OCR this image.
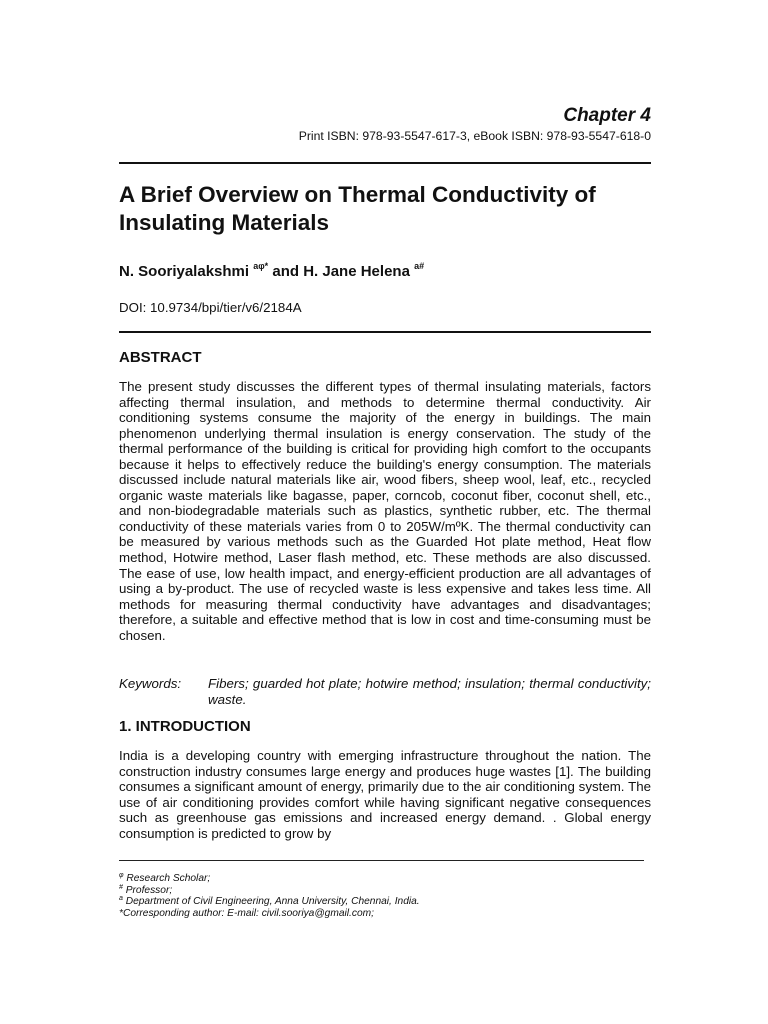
Chapter 4
Print ISBN: 978-93-5547-617-3, eBook ISBN: 978-93-5547-618-0
A Brief Overview on Thermal Conductivity of Insulating Materials
N. Sooriyalakshmi $^{a\varphi*}$ and H. Jane Helena $^{a\#}$
DOI: 10.9734/bpi/tier/v6/2184A
ABSTRACT

The present study discusses the different types of thermal insulating materials, factors affecting thermal insulation, and methods to determine thermal conductivity. Air conditioning systems consume the majority of the energy in buildings. The main phenomenon underlying thermal insulation is energy conservation. The study of the thermal performance of the building is critical for providing high comfort to the occupants because it helps to effectively reduce the building's energy consumption. The materials discussed include natural materials like air, wood fibers, sheep wool, leaf, etc., recycled organic waste materials like bagasse, paper, corncob, coconut fiber, coconut shell, etc., and non-biodegradable materials such as plastics, synthetic rubber, etc. The thermal conductivity of these materials varies from 0 to 205W/mºK. The thermal conductivity can be measured by various methods such as the Guarded Hot plate method, Heat flow method, Hotwire method, Laser flash method, etc. These methods are also discussed. The ease of use, low health impact, and energy-efficient production are all advantages of using a by-product. The use of recycled waste is less expensive and takes less time. All methods for measuring thermal conductivity have advantages and disadvantages; therefore, a suitable and effective method that is low in cost and time-consuming must be chosen.

Keywords:	Fibers; guarded hot plate; hotwire method; insulation; thermal conductivity; waste.
1. INTRODUCTION

India is a developing country with emerging infrastructure throughout the nation. The construction industry consumes large energy and produces huge wastes [1]. The building consumes a significant amount of energy, primarily due to the air conditioning system. The use of air conditioning provides comfort while having significant negative consequences such as greenhouse gas emissions and increased energy demand. . Global energy consumption is predicted to grow by

$^\varphi$ Research Scholar;
# Professor;
$^a$ Department of Civil Engineering, Anna University, Chennai, India.
*Corresponding author: E-mail: civil.sooriya@gmail.com;
